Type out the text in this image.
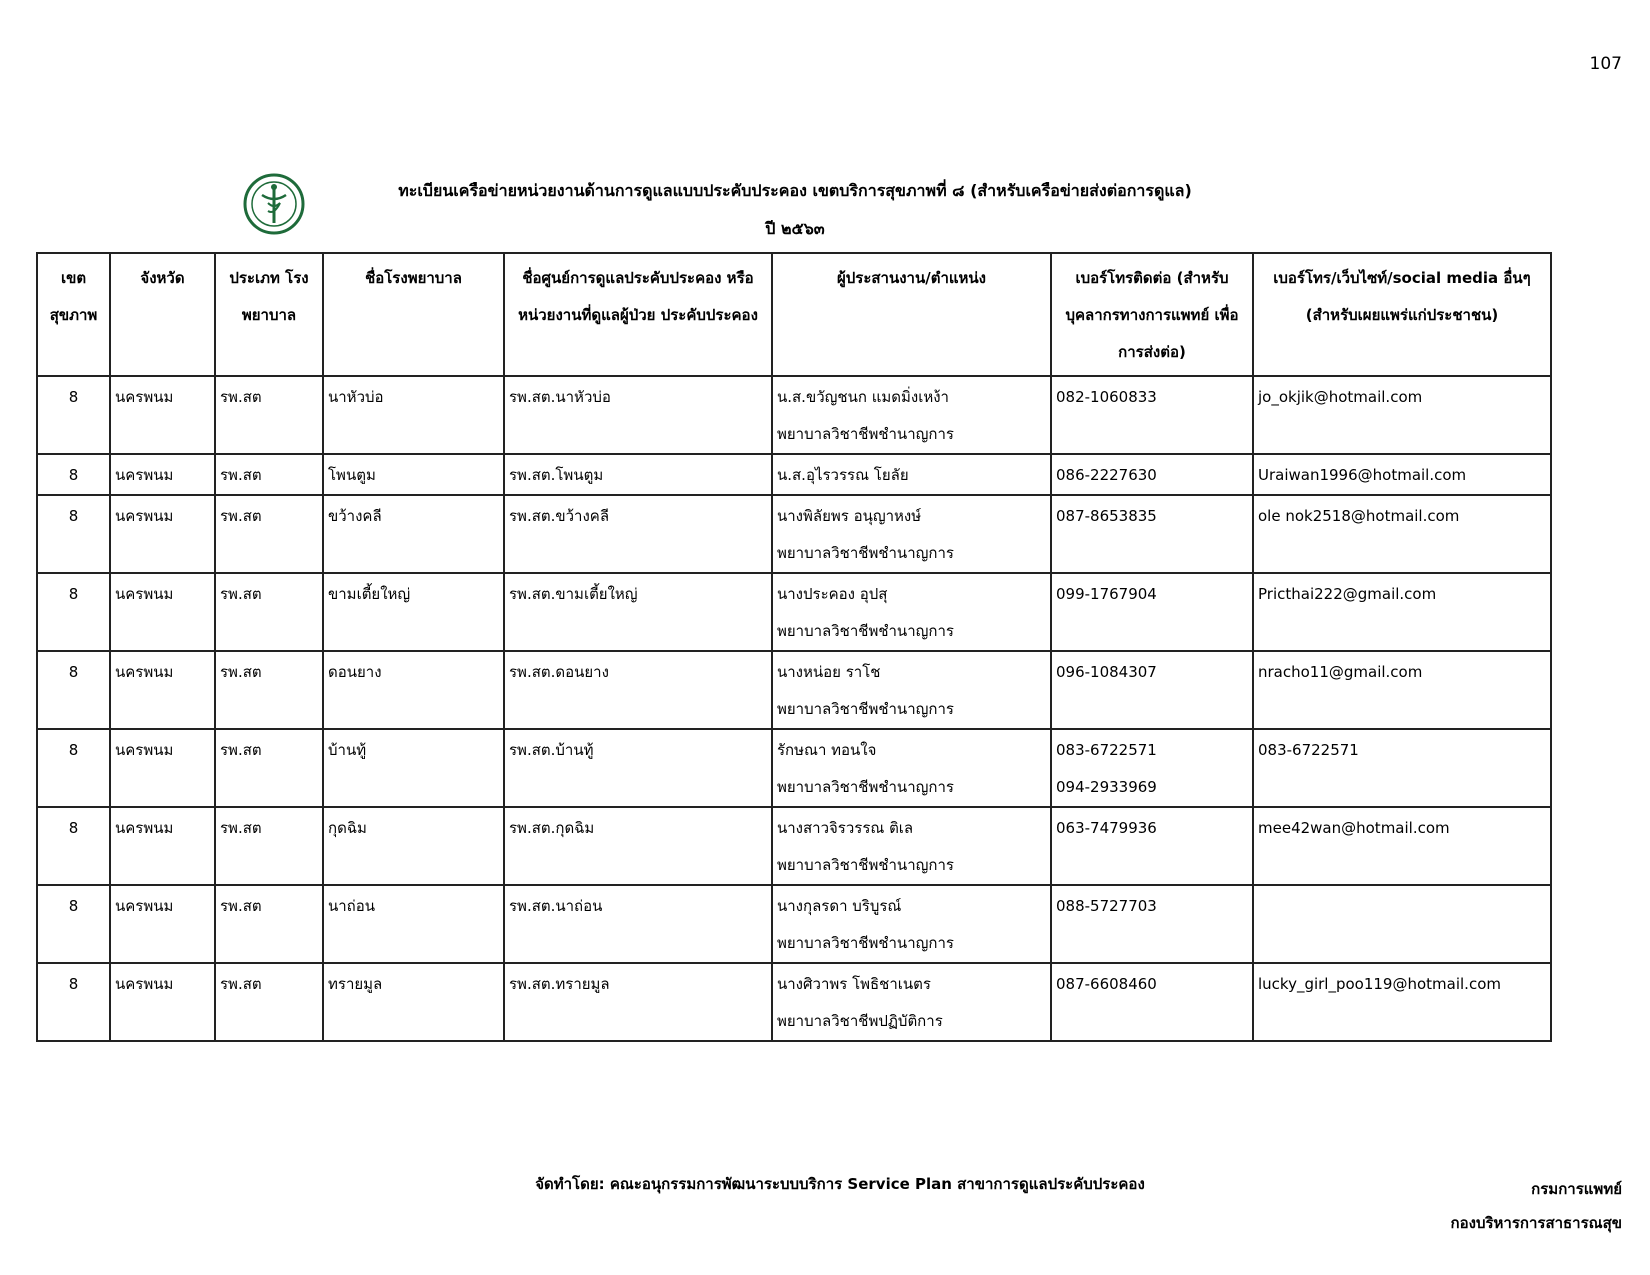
107
ทะเบียนเครือข่ายหน่วยงานด้านการดูแลแบบประคับประคอง เขตบริการสุขภาพที่ ๘ (สำหรับเครือข่ายส่งต่อการดูแล)
ปี ๒๕๖๓
เขต สุขภาพ	จังหวัด	ประเภท โรงพยาบาล	ชื่อโรงพยาบาล	ชื่อศูนย์การดูแลประคับประคอง หรือ หน่วยงานที่ดูแลผู้ป่วย ประคับประคอง	ผู้ประสานงาน/ตำแหน่ง	เบอร์โทรติดต่อ (สำหรับ บุคลากรทางการแพทย์ เพื่อการส่งต่อ)	เบอร์โทร/เว็บไซท์/social media อื่นๆ (สำหรับเผยแพร่แก่ประชาชน)
8	นครพนม	รพ.สต	นาหัวบ่อ	รพ.สต.นาหัวบ่อ	น.ส.ขวัญชนก แมดมิ่งเหง้า
พยาบาลวิชาชีพชำนาญการ	082-1060833	jo_okjik@hotmail.com
8	นครพนม	รพ.สต	โพนตูม	รพ.สต.โพนตูม	น.ส.อุไรวรรณ โยลัย	086-2227630	Uraiwan1996@hotmail.com
8	นครพนม	รพ.สต	ขว้างคลี	รพ.สต.ขว้างคลี	นางพิลัยพร อนุญาหงษ์
พยาบาลวิชาชีพชำนาญการ	087-8653835	ole nok2518@hotmail.com
8	นครพนม	รพ.สต	ขามเตี้ยใหญ่	รพ.สต.ขามเตี้ยใหญ่	นางประคอง อุปสุ
พยาบาลวิชาชีพชำนาญการ	099-1767904	Pricthai222@gmail.com
8	นครพนม	รพ.สต	ดอนยาง	รพ.สต.ดอนยาง	นางหน่อย ราโช
พยาบาลวิชาชีพชำนาญการ	096-1084307	nracho11@gmail.com
8	นครพนม	รพ.สต	บ้านทู้	รพ.สต.บ้านทู้	รักษณา ทอนใจ
พยาบาลวิชาชีพชำนาญการ	083-6722571
094-2933969	083-6722571
8	นครพนม	รพ.สต	กุดฉิม	รพ.สต.กุดฉิม	นางสาวจิรวรรณ ติเล
พยาบาลวิชาชีพชำนาญการ	063-7479936	mee42wan@hotmail.com
8	นครพนม	รพ.สต	นาถ่อน	รพ.สต.นาถ่อน	นางกุลรดา บริบูรณ์
พยาบาลวิชาชีพชำนาญการ	088-5727703	

8	นครพนม	รพ.สต	ทรายมูล	รพ.สต.ทรายมูล	นางศิวาพร โพธิชาเนตร
พยาบาลวิชาชีพปฏิบัติการ	087-6608460	lucky_girl_poo119@hotmail.com
จัดทำโดย: คณะอนุกรรมการพัฒนาระบบบริการ Service Plan สาขาการดูแลประคับประคอง	กรมการแพทย์
กองบริหารการสาธารณสุข
